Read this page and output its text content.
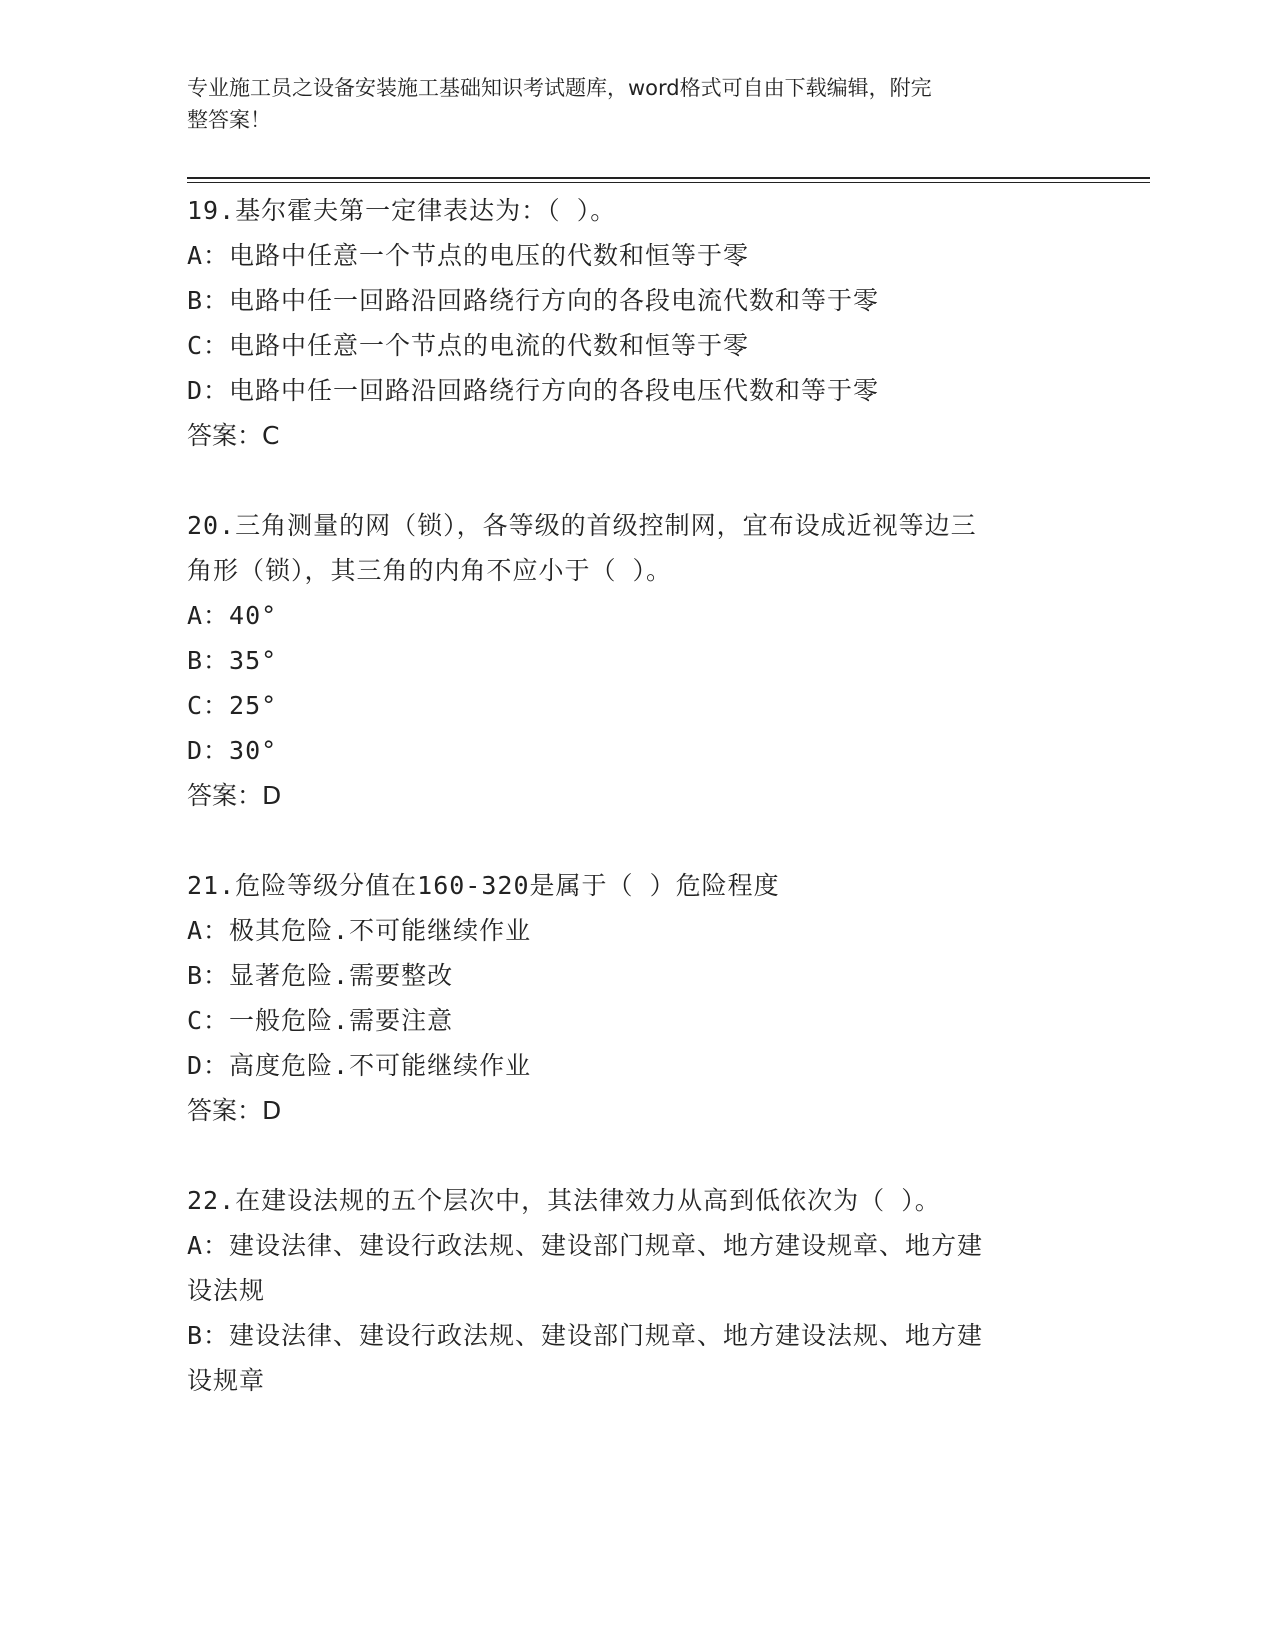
专业施工员之设备安装施工基础知识考试题库，word格式可自由下载编辑，附完
整答案！
19.基尔霍夫第一定律表达为：（ ）。
A：电路中任意一个节点的电压的代数和恒等于零
B：电路中任一回路沿回路绕行方向的各段电流代数和等于零
C：电路中任意一个节点的电流的代数和恒等于零
D：电路中任一回路沿回路绕行方向的各段电压代数和等于零
答案：C
20.三角测量的网（锁），各等级的首级控制网，宜布设成近视等边三
角形（锁），其三角的内角不应小于（ ）。
A：40°
B：35°
C：25°
D：30°
答案：D
21.危险等级分值在160-320是属于（ ）危险程度
A：极其危险.不可能继续作业
B：显著危险.需要整改
C：一般危险.需要注意
D：高度危险.不可能继续作业
答案：D
22.在建设法规的五个层次中，其法律效力从高到低依次为（ ）。
A：建设法律、建设行政法规、建设部门规章、地方建设规章、地方建
设法规
B：建设法律、建设行政法规、建设部门规章、地方建设法规、地方建
设规章
